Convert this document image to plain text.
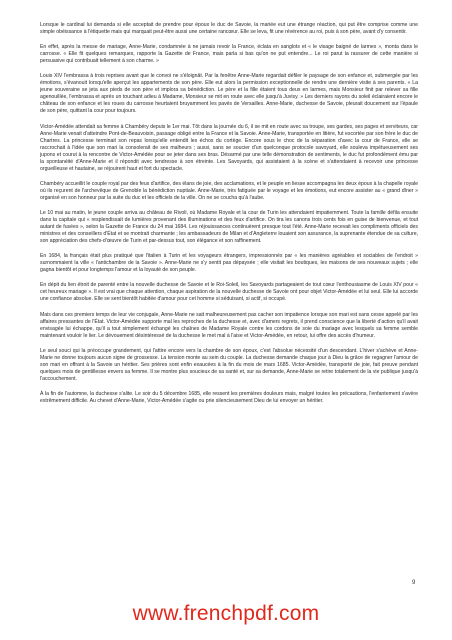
Lorsque le cardinal lui demanda si elle acceptait de prendre pour époux le duc de Savoie, la mariée eut une étrange réaction, qui put être comprise comme une simple obéissance à l'étiquette mais qui marquait peut-être aussi une certaine rancœur. Elle se leva, fit une révérence au roi, puis à son père, avant d'y consentir.

En effet, après la messe de mariage, Anne-Marie, condamnée à ne jamais revoir la France, éclata en sanglots et « le visage baigné de larmes », monta dans le carrosse. « Elle fit quelques remarques, rapporte la Gazette de France, mais parla si bas qu'on ne put entendre... Le roi parut la rassurer de cette manière si persuasive qui contribuait tellement à son charme. »

Louis XIV l'embrassa à trois reprises avant que le convoi ne s'éloignât. Par la fenêtre Anne-Marie regardait défiler le paysage de son enfance et, submergée par les émotions, s'évanouit lorsqu'elle aperçut les appartements de son père. Elle eut alors la permission exceptionnelle de rendre une dernière visite à ses parents. « La jeune souveraine se jeta aux pieds de son père et implora sa bénédiction. Le père et la fille étaient tous deux en larmes, mais Monsieur finit par relever sa fille agenouillée, l'embrassa et après un touchant adieu à Madame, Monsieur se mit en route avec elle jusqu'à Juvisy. » Les derniers rayons du soleil éclairaient encore le château de son enfance et les roues du carrosse heurtaient bruyamment les pavés de Versailles. Anne-Marie, duchesse de Savoie, pleurait doucement sur l'épaule de son père, quittant la cour pour toujours.

Victor-Amédée attendait sa femme à Chambéry depuis le 1er mai. Tôt dans la journée du 6, il se mit en route avec sa troupe, ses gardes, ses pages et serviteurs, car Anne-Marie venait d'atteindre Pont-de-Beauvoisin, passage obligé entre la France et la Savoie. Anne-Marie, transportée en litière, fut escortée par son frère le duc de Chartres. La princesse terminait son repas lorsqu'elle entendit les échos du cortège. Encore sous le choc de la séparation d'avec la cour de France, elle se raccrochait à l'idée que son mari la consolerait de ses malheurs ; aussi, sans se soucier d'un quelconque protocole savoyard, elle souleva impétueusement ses jupons et courut à la rencontre de Victor-Amédée pour se jeter dans ses bras. Désarmé par une telle démonstration de sentiments, le duc fut profondément ému par la spontanéité d'Anne-Marie et il répondit avec tendresse à son étreinte. Les Savoyards, qui assistaient à la scène et s'attendaient à recevoir une princesse orgueilleuse et hautaine, se réjouirent haut et fort du spectacle.

Chambéry accueillit le couple royal par des feux d'artifice, des élans de joie, des acclamations, et le peuple en liesse accompagna les deux époux à la chapelle royale où ils reçurent de l'archevêque de Grenoble la bénédiction nuptiale. Anne-Marie, très fatiguée par le voyage et les émotions, eut encore assister au « grand dîner » organisé en son honneur par la suite du duc et les officiels de la ville. On ne se coucha qu'à l'aube.

Le 10 mai au matin, le jeune couple arriva au château de Rivoli, où Madame Royale et la cour de Turin les attendaient impatiemment. Toute la famille défila ensuite dans la capitale qui « resplendissait de lumières provenant des illuminations et des feux d'artifice. On tira les canons trois cents fois en guise de bienvenue, et tout autant de fusées », selon la Gazette de France du 24 mai 1684. Les réjouissances continuèrent presque tout l'été. Anne-Marie recevait les compliments officiels des ministres et des conseillers d'État et se montrait charmante ; les ambassadeurs de Milan et d'Angleterre louaient son assurance, la suprenante étendue de sa culture, son appréciation des chefs-d'œuvre de Turin et par-dessus tout, son élégance et son raffinement.

En 1684, la français était plus pratiqué que l'italien à Turin et les voyageurs étrangers, impressionnés par « les manières agréables et sociables de l'endroit » surnommaient la ville « l'antichambre de la Savoie ». Anne-Marie ne s'y sentit pas dépaysée ; elle visitait les boutiques, les maisons de ses nouveaux sujets ; elle gagna bientôt et pour longtemps l'amour et la loyauté de son peuple.

En dépit du lien étroit de parenté entre la nouvelle duchesse de Savoie et le Roi-Soleil, les Savoyards partageaient de tout cœur l'enthousiasme de Louis XIV pour « cet heureux mariage ». Il est vrai que chaque attention, chaque aspiration de la nouvelle duchesse de Savoie ont pour objet Victor-Amédée et lui seul. Elle lui accorde une confiance absolue. Elle se sent bientôt habitée d'amour pour cet homme si séduisant, si actif, si occupé.

Mais dans ces premiers temps de leur vie conjugale, Anne-Marie ne sait malheureusement pas cacher son impatience lorsque son mari est sans cesse appelé par les affaires pressantes de l'État. Victor-Amédée supporte mal les reproches de la duchesse et, avec d'amers regrets, il prend conscience que la liberté d'action qu'il avait envisagée lui échappe, qu'il a tout simplement échangé les chaînes de Madame Royale contre les cordons de soie du mariage avec lesquels sa femme semble maintenant vouloir le lier. Le dévouement désintéressé de la duchesse le met mal à l'aise et Victor-Amédée, en retour, lui offre des accès d'humeur.

Le seul souci qui la préoccupe grandement, qui l'attire encore vers la chambre de son époux, c'est l'absolue nécessité d'un descendant. L'hiver s'achève et Anne-Marie ne donne toujours aucun signe de grossesse. La tension monte au sein du couple. La duchesse demande chaque jour à Dieu la grâce de regagner l'amour de son mari en offrant à la Savoie un héritier. Ses prières sont enfin exaucées à la fin du mois de mars 1685. Victor-Amédée, transporté de joie, fait preuve pendant quelques mois de gentillesse envers sa femme. Il se montre plus soucieux de sa santé et, sur sa demande, Anne-Marie se retire totalement de la vie publique jusqu'à l'accouchement.

À la fin de l'automne, la duchesse s'alite. Le soir du 5 décembre 1685, elle ressent les premières douleurs mais, malgré toutes les précautions, l'enfantement s'avère extrêmement difficile. Au chevet d'Anne-Marie, Victor-Amédée s'agite ou prie silencieusement Dieu de lui envoyer un héritier.

9
www.frenchpdf.com
